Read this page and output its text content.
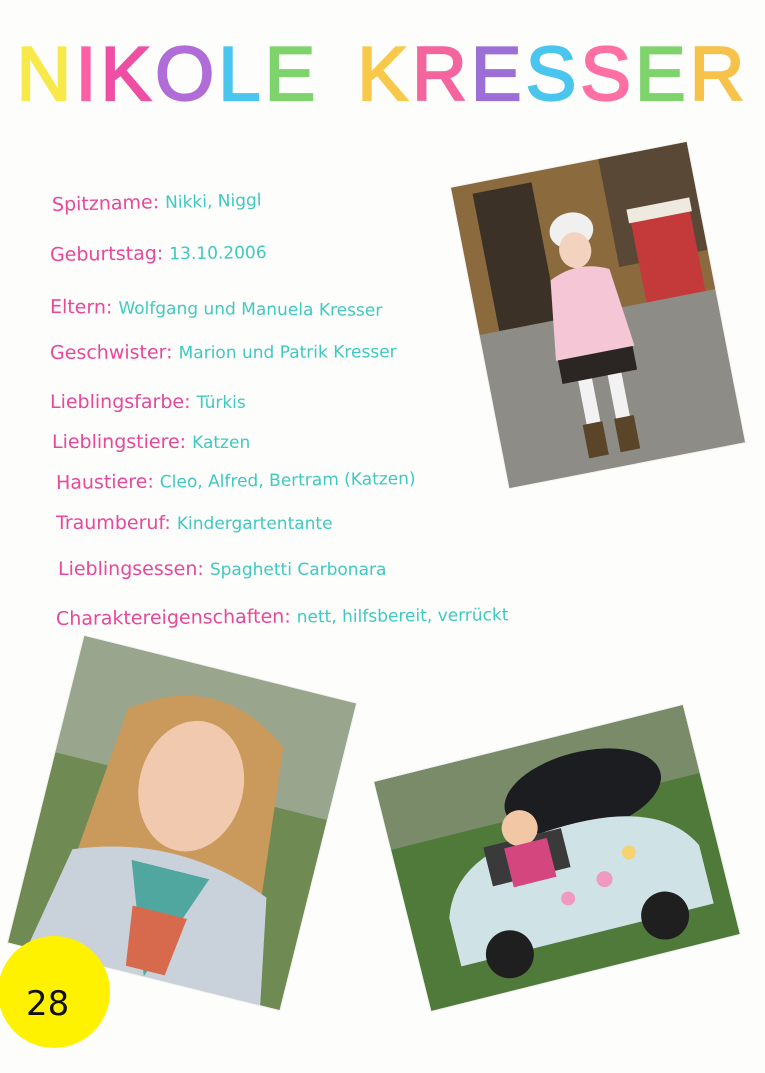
NIKOLE KRESSER
Spitzname: Nikki, Niggl
Geburtstag: 13.10.2006
Eltern: Wolfgang und Manuela Kresser
Geschwister: Marion und Patrik Kresser
Lieblingsfarbe: Türkis
Lieblingstiere: Katzen
Haustiere: Cleo, Alfred, Bertram (Katzen)
Traumberuf: Kindergartentante
Lieblingsessen: Spaghetti Carbonara
Charaktereigenschaften: nett, hilfsbereit, verrückt
28
